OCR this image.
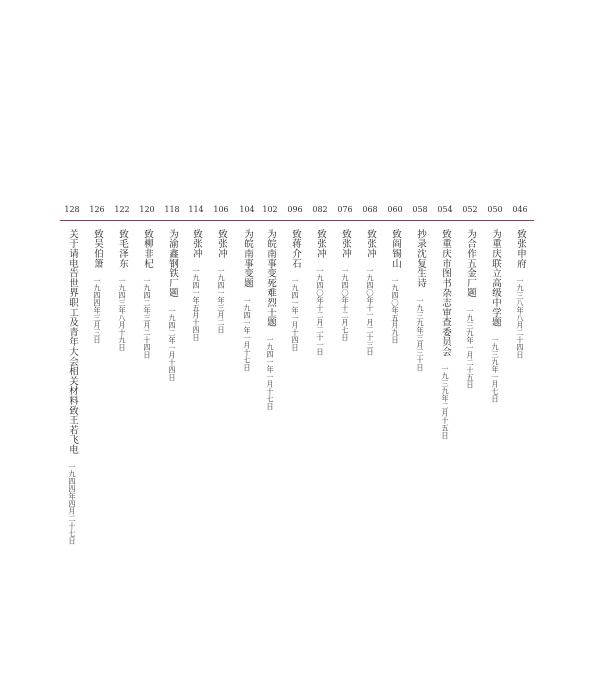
046
致张申府一九三八年八月二十四日
050
为重庆联立高级中学题一九三九年一月七日
052
为合作五金厂题一九三九年一月二十五日
054
致重庆市图书杂志审查委员会一九三九年二月十五日
058
抄录沈复生诗一九三九年三月三十日
060
致阎锡山一九四〇年五月九日
068
致张冲一九四〇年十一月二十三日
076
致张冲一九四〇年十二月七日
082
致张冲一九四〇年十二月二十一日
096
致蒋介石一九四一年一月十四日
102
为皖南事变死难烈士题一九四一年一月十七日
104
为皖南事变题一九四一年一月十七日
106
致张冲一九四一年三月二日
114
致张冲一九四一年五月十四日
118
为渝鑫钢铁厂题一九四二年一月十四日
120
致柳非杞一九四二年三月二十四日
122
致毛泽东一九四三年八月十九日
126
致吴伯箫一九四四年三月三日
128
关于请电告世界职工及青年大会相关材料致王若飞电一九四四年四月二十七日
